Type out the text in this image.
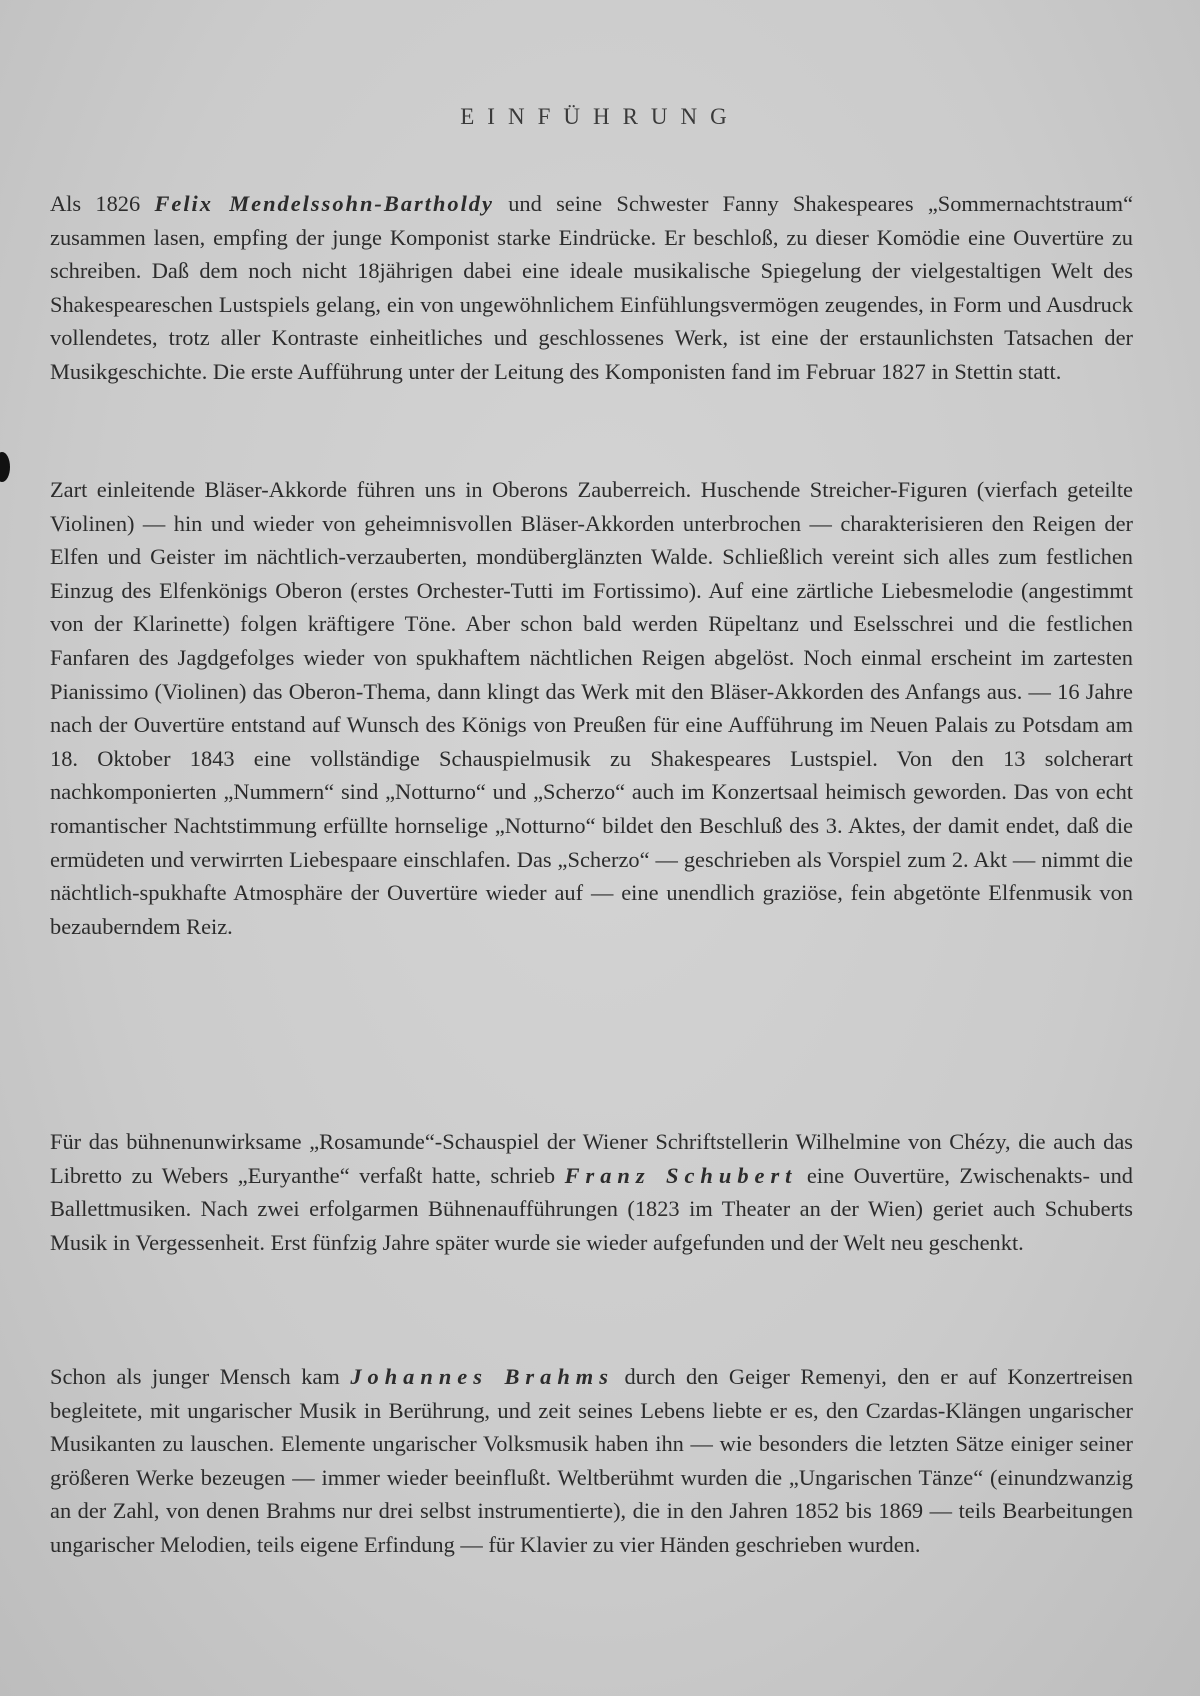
EINFÜHRUNG

Als 1826 Felix Mendelssohn-Bartholdy und seine Schwester Fanny Shakespeares „Sommernachtstraum“ zusammen lasen, empfing der junge Komponist starke Eindrücke. Er beschloß, zu dieser Komödie eine Ouvertüre zu schreiben. Daß dem noch nicht 18jährigen dabei eine ideale musikalische Spiegelung der vielgestaltigen Welt des Shakespeareschen Lustspiels gelang, ein von ungewöhnlichem Einfühlungsvermögen zeugendes, in Form und Ausdruck vollendetes, trotz aller Kontraste einheitliches und geschlossenes Werk, ist eine der erstaunlichsten Tatsachen der Musikgeschichte. Die erste Aufführung unter der Leitung des Komponisten fand im Februar 1827 in Stettin statt.

Zart einleitende Bläser-Akkorde führen uns in Oberons Zauberreich. Huschende Streicher-Figuren (vierfach geteilte Violinen) — hin und wieder von geheimnisvollen Bläser-Akkorden unterbrochen — charakterisieren den Reigen der Elfen und Geister im nächtlich-verzauberten, mondüberglänzten Walde. Schließlich vereint sich alles zum festlichen Einzug des Elfenkönigs Oberon (erstes Orchester-Tutti im Fortissimo). Auf eine zärtliche Liebesmelodie (angestimmt von der Klarinette) folgen kräftigere Töne. Aber schon bald werden Rüpeltanz und Eselsschrei und die festlichen Fanfaren des Jagdgefolges wieder von spukhaftem nächtlichen Reigen abgelöst. Noch einmal erscheint im zartesten Pianissimo (Violinen) das Oberon-Thema, dann klingt das Werk mit den Bläser-Akkorden des Anfangs aus. — 16 Jahre nach der Ouvertüre entstand auf Wunsch des Königs von Preußen für eine Aufführung im Neuen Palais zu Potsdam am 18. Oktober 1843 eine vollständige Schauspielmusik zu Shakespeares Lustspiel. Von den 13 solcherart nachkomponierten „Nummern“ sind „Notturno“ und „Scherzo“ auch im Konzertsaal heimisch geworden. Das von echt romantischer Nachtstimmung erfüllte hornselige „Notturno“ bildet den Beschluß des 3. Aktes, der damit endet, daß die ermüdeten und verwirrten Liebespaare einschlafen. Das „Scherzo“ — geschrieben als Vorspiel zum 2. Akt — nimmt die nächtlich-spukhafte Atmosphäre der Ouvertüre wieder auf — eine unendlich graziöse, fein abgetönte Elfenmusik von bezauberndem Reiz.

Für das bühnenunwirksame „Rosamunde“-Schauspiel der Wiener Schriftstellerin Wilhelmine von Chézy, die auch das Libretto zu Webers „Euryanthe“ verfaßt hatte, schrieb Franz Schubert eine Ouvertüre, Zwischenakts- und Ballettmusiken. Nach zwei erfolgarmen Bühnenaufführungen (1823 im Theater an der Wien) geriet auch Schuberts Musik in Vergessenheit. Erst fünfzig Jahre später wurde sie wieder aufgefunden und der Welt neu geschenkt.

Schon als junger Mensch kam Johannes Brahms durch den Geiger Remenyi, den er auf Konzertreisen begleitete, mit ungarischer Musik in Berührung, und zeit seines Lebens liebte er es, den Czardas-Klängen ungarischer Musikanten zu lauschen. Elemente ungarischer Volksmusik haben ihn — wie besonders die letzten Sätze einiger seiner größeren Werke bezeugen — immer wieder beeinflußt. Weltberühmt wurden die „Ungarischen Tänze“ (einundzwanzig an der Zahl, von denen Brahms nur drei selbst instrumentierte), die in den Jahren 1852 bis 1869 — teils Bearbeitungen ungarischer Melodien, teils eigene Erfindung — für Klavier zu vier Händen geschrieben wurden.
